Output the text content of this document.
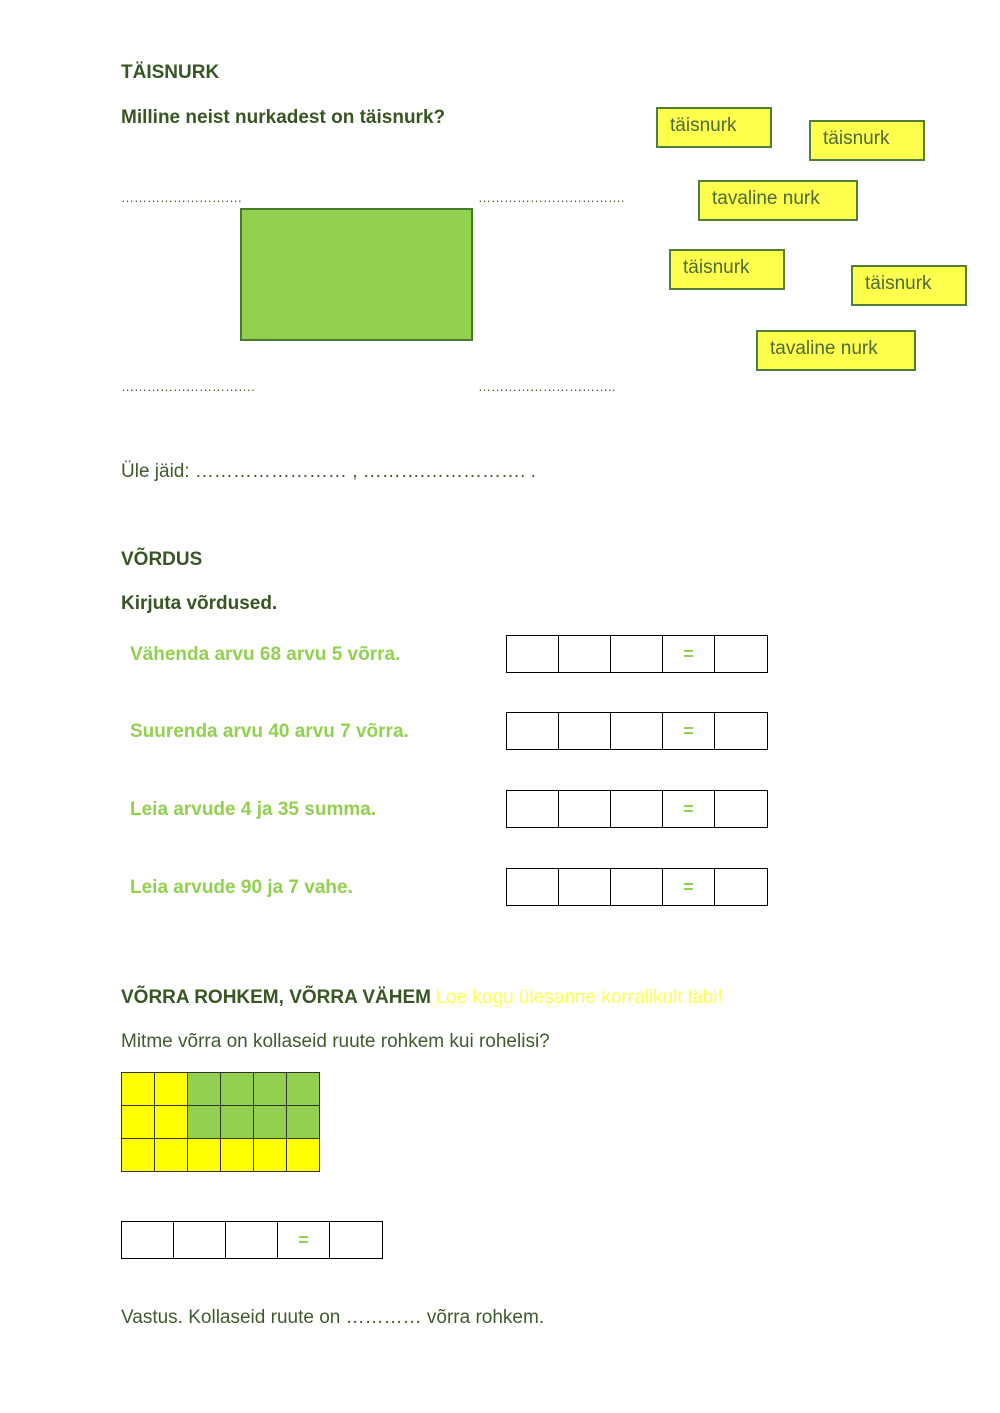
TÄISNURK
Milline neist nurkadest on täisnurk?
……………………….	…………………………….
………………………….	…………………………..
täisnurk
täisnurk
tavaline nurk
täisnurk
täisnurk
tavaline nurk
Üle jäid: …………………… , ……….……………. .
VÕRDUS
Kirjuta võrdused.
Vähenda arvu 68 arvu 5 võrra.	=
Suurenda arvu 40 arvu 7 võrra.	=
Leia arvude 4 ja 35 summa.	=
Leia arvude 90 ja 7 vahe.	=
VÕRRA ROHKEM, VÕRRA VÄHEM Loe kogu ülesanne korralikult läbi!
Mitme võrra on kollaseid ruute rohkem kui rohelisi?
=
Vastus. Kollaseid ruute on ………… võrra rohkem.
